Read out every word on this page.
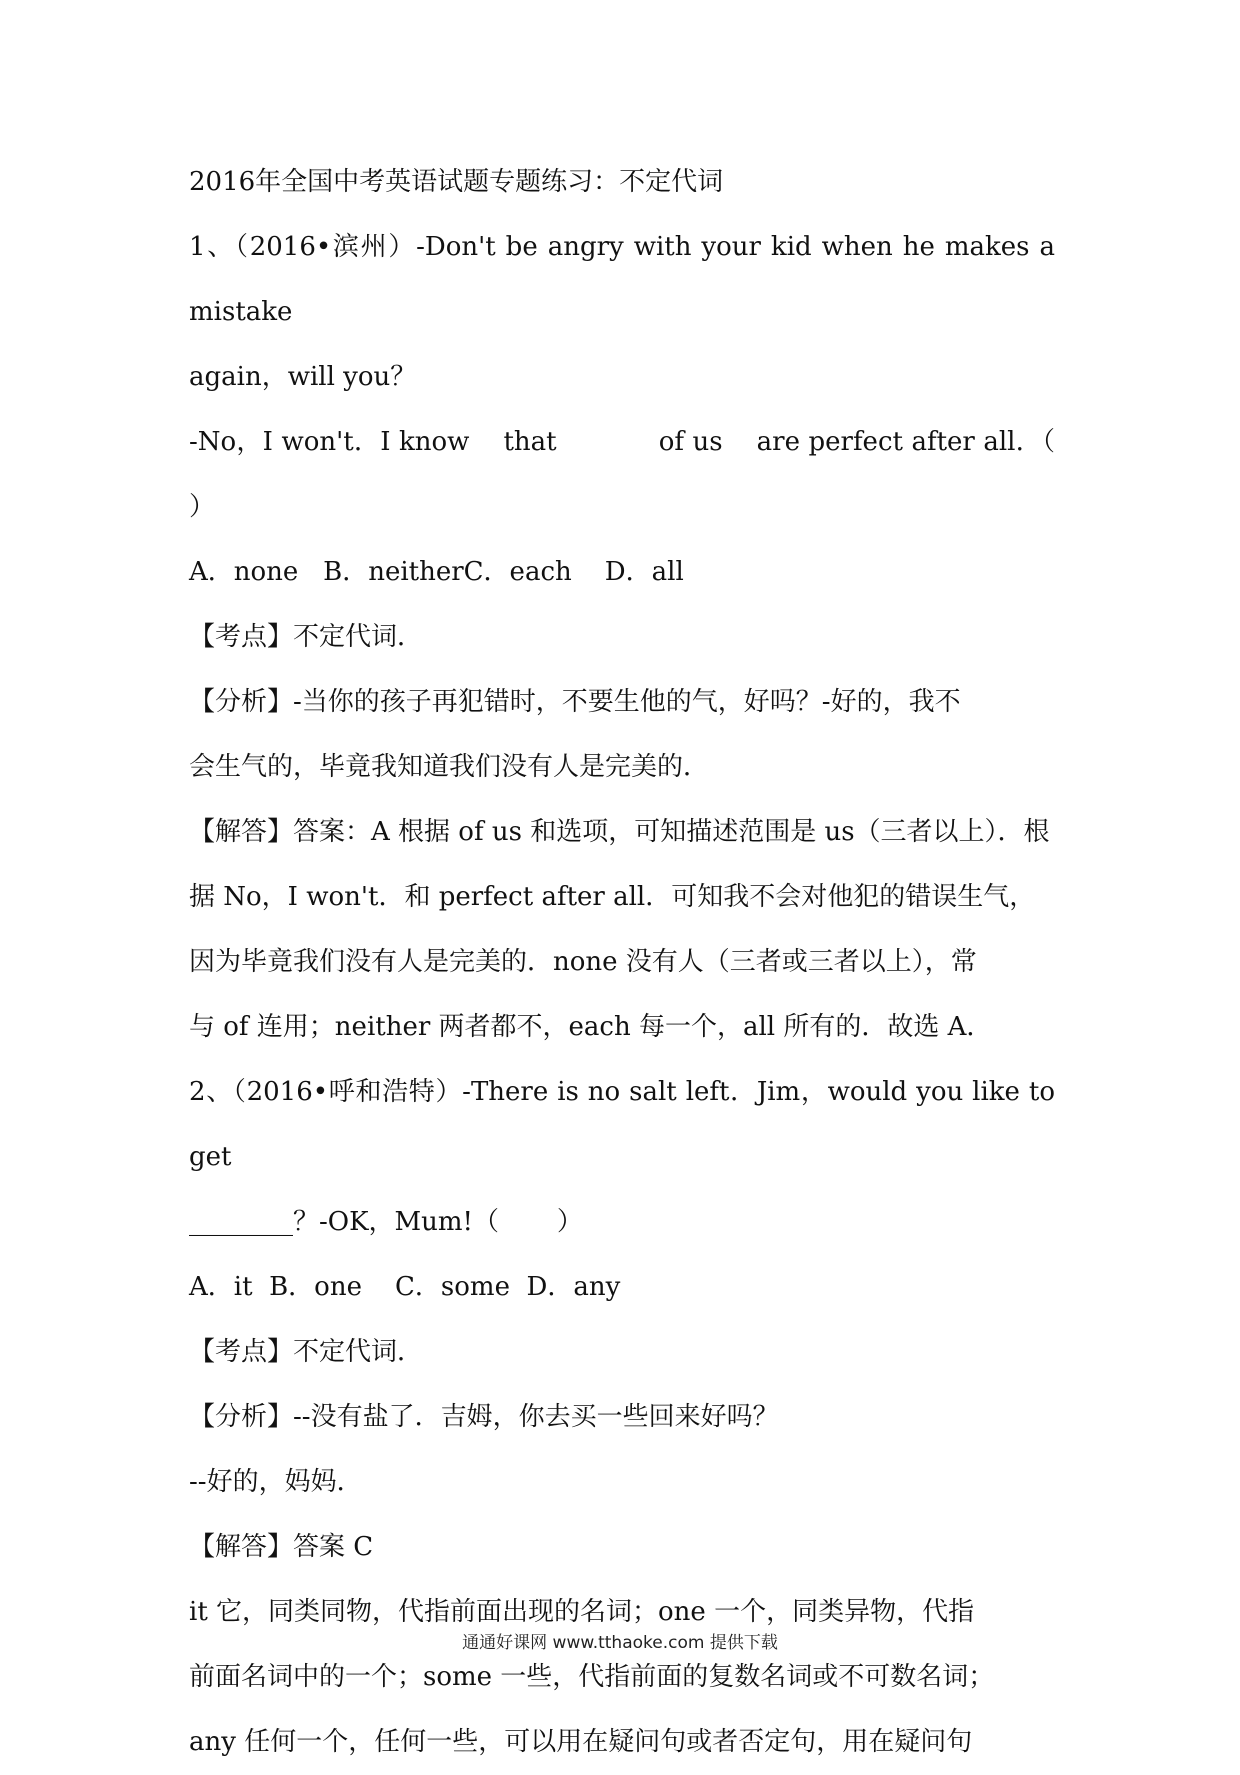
2016年全国中考英语试题专题练习：不定代词

1、（2016•滨州）-Don't be angry with your kid when he makes a mistake

again，will you？

-No，I won't．I know    that            of us    are perfect after all．（       ）

A．none   B．neitherC．each    D．all

【考点】不定代词．

【分析】-当你的孩子再犯错时，不要生他的气，好吗？-好的，我不

会生气的，毕竟我知道我们没有人是完美的．

【解答】答案：A 根据 of us 和选项，可知描述范围是 us（三者以上）．根

据 No，I won't．和 perfect after all．可知我不会对他犯的错误生气，

因为毕竟我们没有人是完美的．none 没有人（三者或三者以上），常

与 of 连用；neither 两者都不，each 每一个，all 所有的．故选 A．

2、（2016•呼和浩特）-There is no salt left．Jim，would you like to get

________？-OK，Mum!（       ）

A．it  B．one    C．some  D．any

【考点】不定代词．

【分析】--没有盐了．吉姆，你去买一些回来好吗？

--好的，妈妈．

【解答】答案 C

it 它，同类同物，代指前面出现的名词；one 一个，同类异物，代指

前面名词中的一个；some 一些，代指前面的复数名词或不可数名词；

any 任何一个，任何一些，可以用在疑问句或者否定句，用在疑问句

通通好课网 www.tthaoke.com 提供下载
